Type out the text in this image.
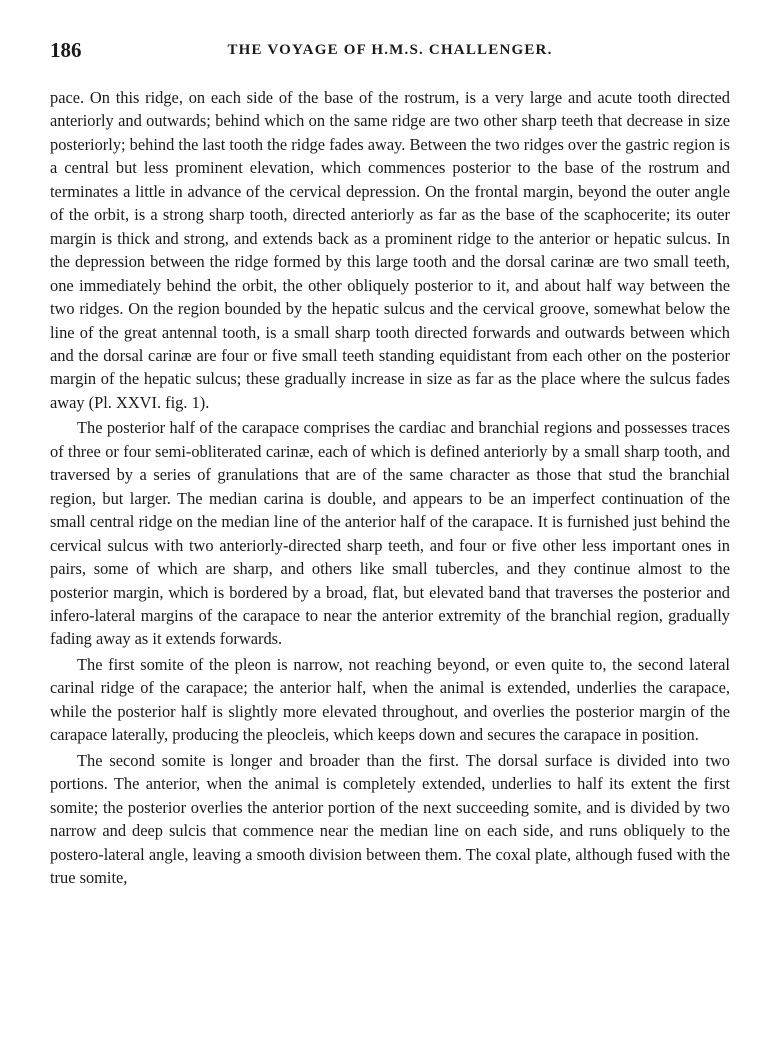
186	THE VOYAGE OF H.M.S. CHALLENGER.

pace. On this ridge, on each side of the base of the rostrum, is a very large and acute tooth directed anteriorly and outwards; behind which on the same ridge are two other sharp teeth that decrease in size posteriorly; behind the last tooth the ridge fades away. Between the two ridges over the gastric region is a central but less prominent elevation, which commences posterior to the base of the rostrum and terminates a little in advance of the cervical depression. On the frontal margin, beyond the outer angle of the orbit, is a strong sharp tooth, directed anteriorly as far as the base of the scaphocerite; its outer margin is thick and strong, and extends back as a prominent ridge to the anterior or hepatic sulcus. In the depression between the ridge formed by this large tooth and the dorsal carinæ are two small teeth, one immediately behind the orbit, the other obliquely posterior to it, and about half way between the two ridges. On the region bounded by the hepatic sulcus and the cervical groove, somewhat below the line of the great antennal tooth, is a small sharp tooth directed forwards and outwards between which and the dorsal carinæ are four or five small teeth standing equidistant from each other on the posterior margin of the hepatic sulcus; these gradually increase in size as far as the place where the sulcus fades away (Pl. XXVI. fig. 1).

The posterior half of the carapace comprises the cardiac and branchial regions and possesses traces of three or four semi-obliterated carinæ, each of which is defined anteriorly by a small sharp tooth, and traversed by a series of granulations that are of the same character as those that stud the branchial region, but larger. The median carina is double, and appears to be an imperfect continuation of the small central ridge on the median line of the anterior half of the carapace. It is furnished just behind the cervical sulcus with two anteriorly-directed sharp teeth, and four or five other less important ones in pairs, some of which are sharp, and others like small tubercles, and they continue almost to the posterior margin, which is bordered by a broad, flat, but elevated band that traverses the posterior and infero-lateral margins of the carapace to near the anterior extremity of the branchial region, gradually fading away as it extends forwards.

The first somite of the pleon is narrow, not reaching beyond, or even quite to, the second lateral carinal ridge of the carapace; the anterior half, when the animal is extended, underlies the carapace, while the posterior half is slightly more elevated throughout, and overlies the posterior margin of the carapace laterally, producing the pleocleis, which keeps down and secures the carapace in position.

The second somite is longer and broader than the first. The dorsal surface is divided into two portions. The anterior, when the animal is completely extended, underlies to half its extent the first somite; the posterior overlies the anterior portion of the next succeeding somite, and is divided by two narrow and deep sulcis that commence near the median line on each side, and runs obliquely to the postero-lateral angle, leaving a smooth division between them. The coxal plate, although fused with the true somite,
